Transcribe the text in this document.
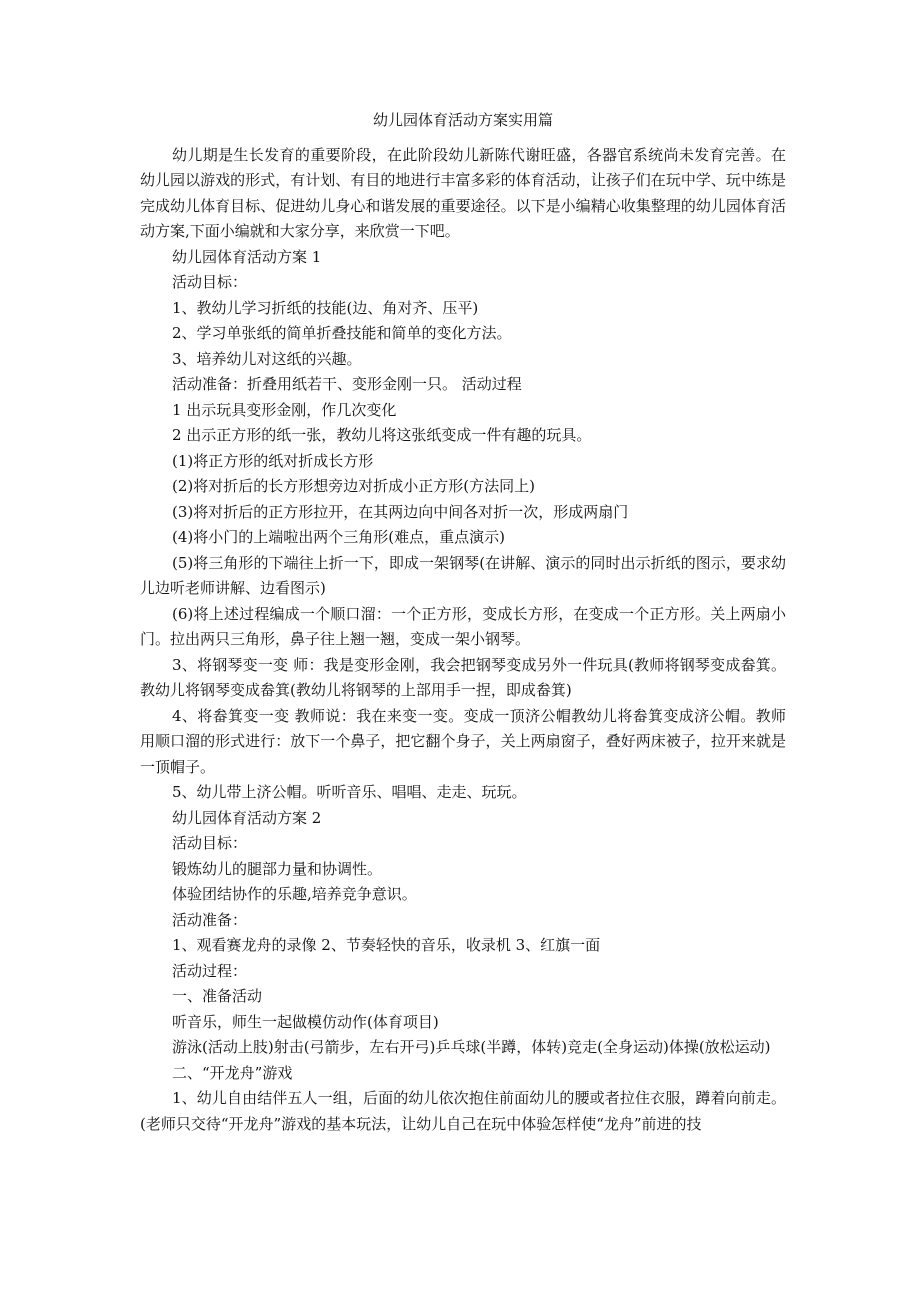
幼儿园体育活动方案实用篇

幼儿期是生长发育的重要阶段，在此阶段幼儿新陈代谢旺盛，各器官系统尚未发育完善。在幼儿园以游戏的形式，有计划、有目的地进行丰富多彩的体育活动，让孩子们在玩中学、玩中练是完成幼儿体育目标、促进幼儿身心和谐发展的重要途径。以下是小编精心收集整理的幼儿园体育活动方案,下面小编就和大家分享，来欣赏一下吧。

幼儿园体育活动方案 1

活动目标：

1、教幼儿学习折纸的技能(边、角对齐、压平)

2、学习单张纸的简单折叠技能和简单的变化方法。

3、培养幼儿对这纸的兴趣。

活动准备：折叠用纸若干、变形金刚一只。 活动过程

1 出示玩具变形金刚，作几次变化

2 出示正方形的纸一张，教幼儿将这张纸变成一件有趣的玩具。

(1)将正方形的纸对折成长方形

(2)将对折后的长方形想旁边对折成小正方形(方法同上)

(3)将对折后的正方形拉开，在其两边向中间各对折一次，形成两扇门

(4)将小门的上端啦出两个三角形(难点，重点演示)

(5)将三角形的下端往上折一下，即成一架钢琴(在讲解、演示的同时出示折纸的图示，要求幼儿边听老师讲解、边看图示)

(6)将上述过程编成一个顺口溜：一个正方形，变成长方形，在变成一个正方形。关上两扇小门。拉出两只三角形，鼻子往上翘一翘，变成一架小钢琴。

3、将钢琴变一变 师：我是变形金刚，我会把钢琴变成另外一件玩具(教师将钢琴变成畚箕。教幼儿将钢琴变成畚箕(教幼儿将钢琴的上部用手一捏，即成畚箕)

4、将畚箕变一变 教师说：我在来变一变。变成一顶济公帽教幼儿将畚箕变成济公帽。教师用顺口溜的形式进行：放下一个鼻子，把它翻个身子，关上两扇窗子，叠好两床被子，拉开来就是一顶帽子。

5、幼儿带上济公帽。听听音乐、唱唱、走走、玩玩。

幼儿园体育活动方案 2

活动目标：

锻炼幼儿的腿部力量和协调性。

体验团结协作的乐趣,培养竞争意识。

活动准备：

1、观看赛龙舟的录像 2、节奏轻快的音乐，收录机 3、红旗一面

活动过程：

一、准备活动

听音乐，师生一起做模仿动作(体育项目)

游泳(活动上肢)射击(弓箭步，左右开弓)乒乓球(半蹲，体转)竞走(全身运动)体操(放松运动)

二、“开龙舟”游戏

1、幼儿自由结伴五人一组，后面的幼儿依次抱住前面幼儿的腰或者拉住衣服，蹲着向前走。(老师只交待“开龙舟”游戏的基本玩法，让幼儿自己在玩中体验怎样使“龙舟”前进的技
